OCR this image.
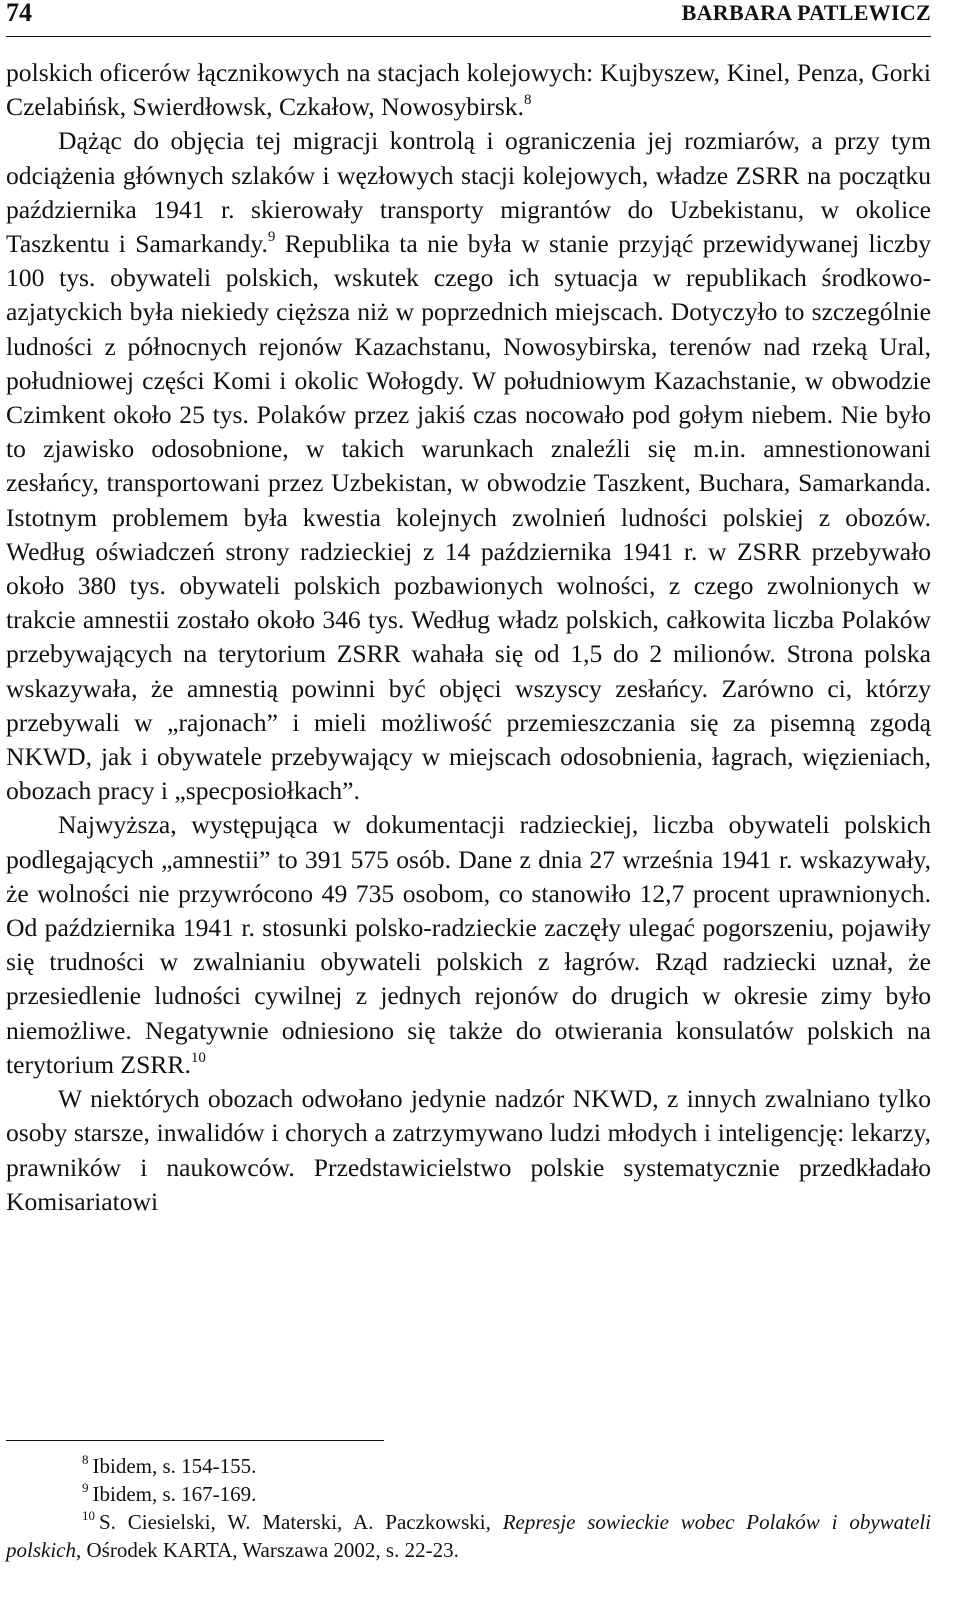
74	BARBARA PATLEWICZ

polskich oficerów łącznikowych na stacjach kolejowych: Kujbyszew, Kinel, Penza, Gorki Czelabińsk, Swierdłowsk, Czkałow, Nowosybirsk.$^8$

Dążąc do objęcia tej migracji kontrolą i ograniczenia jej rozmiarów, a przy tym odciążenia głównych szlaków i węzłowych stacji kolejowych, władze ZSRR na początku października 1941 r. skierowały transporty migrantów do Uzbekistanu, w okolice Taszkentu i Samarkandy.$^9$ Republika ta nie była w stanie przyjąć przewidywanej liczby 100 tys. obywateli polskich, wskutek czego ich sytuacja w republikach środkowo-azjatyckich była niekiedy cięższa niż w poprzednich miejscach. Dotyczyło to szczególnie ludności z północnych rejonów Kazachstanu, Nowosybirska, terenów nad rzeką Ural, południowej części Komi i okolic Wołogdy. W południowym Kazachstanie, w obwodzie Czimkent około 25 tys. Polaków przez jakiś czas nocowało pod gołym niebem. Nie było to zjawisko odosobnione, w takich warunkach znaleźli się m.in. amnestionowani zesłańcy, transportowani przez Uzbekistan, w obwodzie Taszkent, Buchara, Samarkanda. Istotnym problemem była kwestia kolejnych zwolnień ludności polskiej z obozów. Według oświadczeń strony radzieckiej z 14 października 1941 r. w ZSRR przebywało około 380 tys. obywateli polskich pozbawionych wolności, z czego zwolnionych w trakcie amnestii zostało około 346 tys. Według władz polskich, całkowita liczba Polaków przebywających na terytorium ZSRR wahała się od 1,5 do 2 milionów. Strona polska wskazywała, że amnestią powinni być objęci wszyscy zesłańcy. Zarówno ci, którzy przebywali w „rajonach” i mieli możliwość przemieszczania się za pisemną zgodą NKWD, jak i obywatele przebywający w miejscach odosobnienia, łagrach, więzieniach, obozach pracy i „specposiołkach”.

Najwyższa, występująca w dokumentacji radzieckiej, liczba obywateli polskich podlegających „amnestii” to 391 575 osób. Dane z dnia 27 września 1941 r. wskazywały, że wolności nie przywrócono 49 735 osobom, co stanowiło 12,7 procent uprawnionych. Od października 1941 r. stosunki polsko-radzieckie zaczęły ulegać pogorszeniu, pojawiły się trudności w zwalnianiu obywateli polskich z łagrów. Rząd radziecki uznał, że przesiedlenie ludności cywilnej z jednych rejonów do drugich w okresie zimy było niemożliwe. Negatywnie odniesiono się także do otwierania konsulatów polskich na terytorium ZSRR.$^{10}$

W niektórych obozach odwołano jedynie nadzór NKWD, z innych zwalniano tylko osoby starsze, inwalidów i chorych a zatrzymywano ludzi młodych i inteligencję: lekarzy, prawników i naukowców. Przedstawicielstwo polskie systematycznie przedkładało Komisariatowi

8 Ibidem, s. 154-155.

9 Ibidem, s. 167-169.

10 S. Ciesielski, W. Materski, A. Paczkowski, Represje sowieckie wobec Polaków i obywateli polskich, Ośrodek KARTA, Warszawa 2002, s. 22-23.
